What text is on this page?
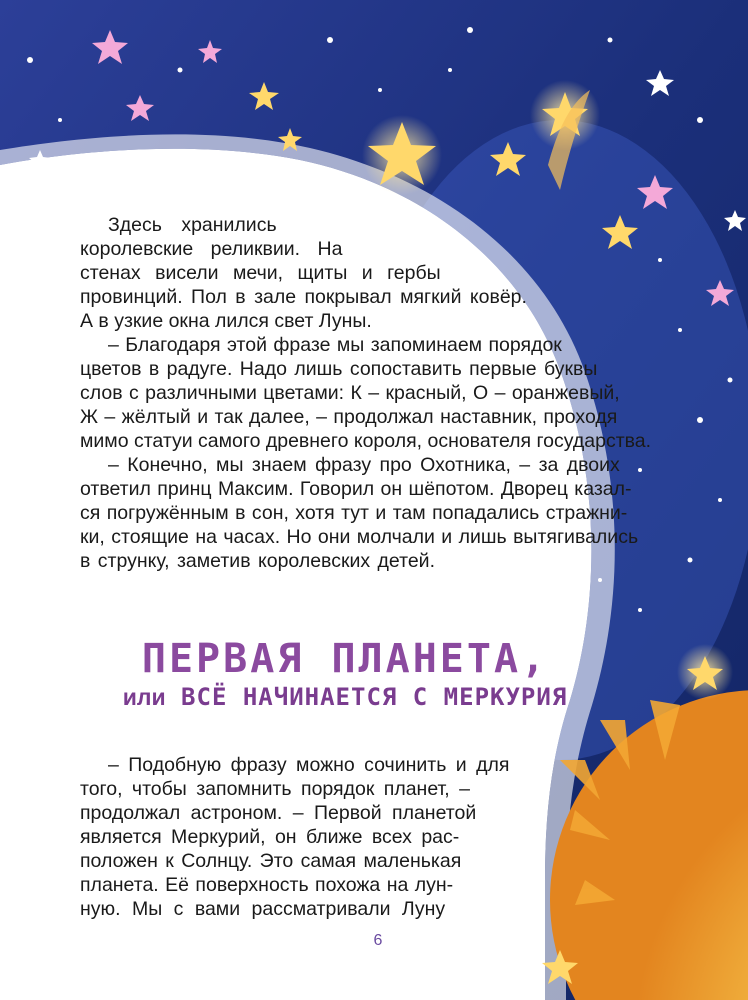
Здесь хранились
королевские реликвии. На
стенах висели мечи, щиты и гербы
провинций. Пол в зале покрывал мягкий ковёр.
А в узкие окна лился свет Луны.
– Благодаря этой фразе мы запоминаем порядок
цветов в радуге. Надо лишь сопоставить первые буквы
слов с различными цветами: К – красный, О – оранжевый,
Ж – жёлтый и так далее, – продолжал наставник, проходя
мимо статуи самого древнего короля, основателя государства.
– Конечно, мы знаем фразу про Охотника, – за двоих
ответил принц Максим. Говорил он шёпотом. Дворец казал-
ся погружённым в сон, хотя тут и там попадались стражни-
ки, стоящие на часах. Но они молчали и лишь вытягивались
в струнку, заметив королевских детей.
ПЕРВАЯ ПЛАНЕТА,
или ВСЁ НАЧИНАЕТСЯ С МЕРКУРИЯ
– Подобную фразу можно сочинить и для
того, чтобы запомнить порядок планет, –
продолжал астроном. – Первой планетой
является Меркурий, он ближе всех рас-
положен к Солнцу. Это самая маленькая
планета. Её поверхность похожа на лун-
ную. Мы с вами рассматривали Луну
6
